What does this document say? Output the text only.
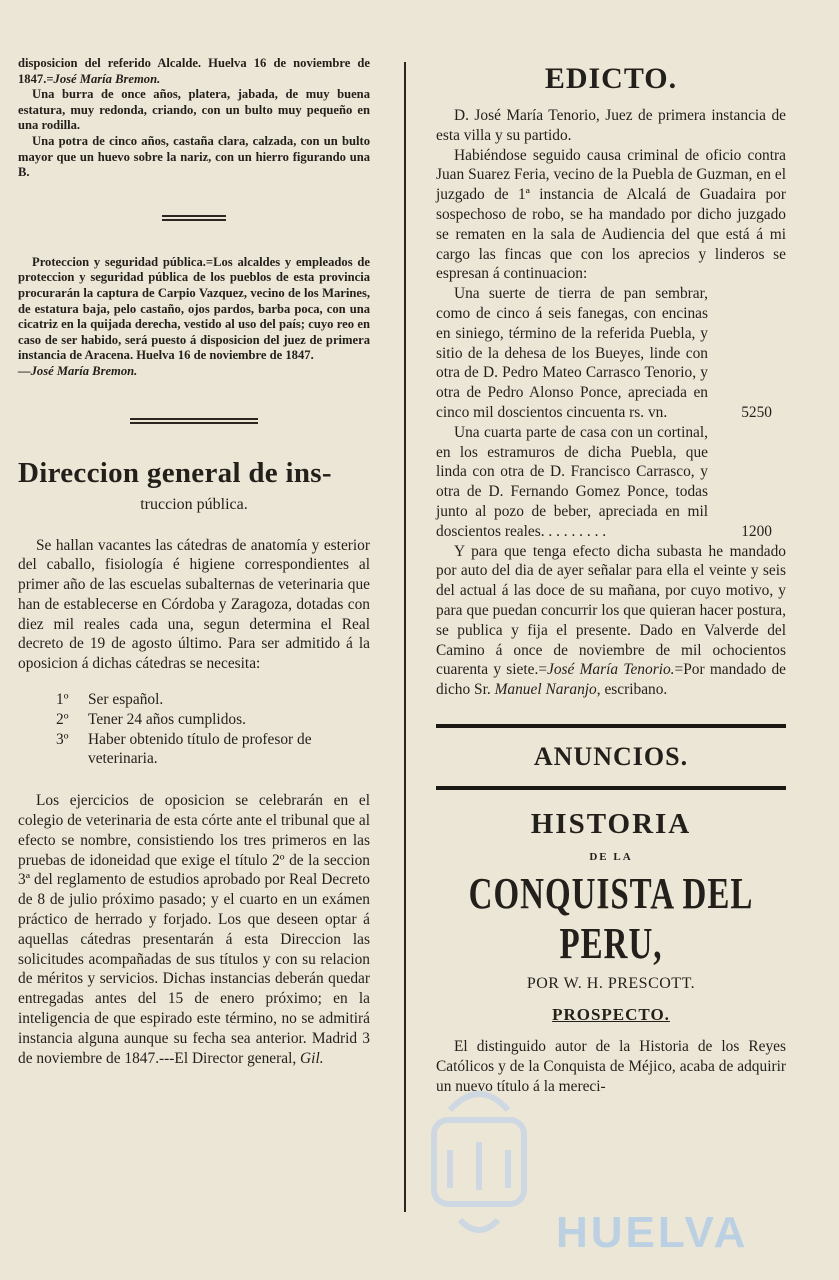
disposicion del referido Alcalde. Huelva 16 de noviembre de 1847.=José María Bremon.

Una burra de once años, platera, jabada, de muy buena estatura, muy redonda, criando, con un bulto muy pequeño en una rodilla.

Una potra de cinco años, castaña clara, calzada, con un bulto mayor que un huevo sobre la nariz, con un hierro figurando una B.

Proteccion y seguridad pública.=Los alcaldes y empleados de proteccion y seguridad pública de los pueblos de esta provincia procurarán la captura de Carpio Vazquez, vecino de los Marines, de estatura baja, pelo castaño, ojos pardos, barba poca, con una cicatriz en la quijada derecha, vestido al uso del país; cuyo reo en caso de ser habido, será puesto á disposicion del juez de primera instancia de Aracena. Huelva 16 de noviembre de 1847.

—José María Bremon.

Direccion general de ins-
truccion pública.

Se hallan vacantes las cátedras de anatomía y esterior del caballo, fisiología é higiene correspondientes al primer año de las escuelas subalternas de veterinaria que han de establecerse en Córdoba y Zaragoza, dotadas con diez mil reales cada una, segun determina el Real decreto de 19 de agosto último. Para ser admitido á la oposicion á dichas cátedras se necesita:

1º	Ser español.
2º	Tener 24 años cumplidos.
3º	Haber obtenido título de profesor de veterinaria.

Los ejercicios de oposicion se celebrarán en el colegio de veterinaria de esta córte ante el tribunal que al efecto se nombre, consistiendo los tres primeros en las pruebas de idoneidad que exige el título 2º de la seccion 3ª del reglamento de estudios aprobado por Real Decreto de 8 de julio próximo pasado; y el cuarto en un exámen práctico de herrado y forjado. Los que deseen optar á aquellas cátedras presentarán á esta Direccion las solicitudes acompañadas de sus títulos y con su relacion de méritos y servicios. Dichas instancias deberán quedar entregadas antes del 15 de enero próximo; en la inteligencia de que espirado este término, no se admitirá instancia alguna aunque su fecha sea anterior. Madrid 3 de noviembre de 1847.---El Director general, Gil.

EDICTO.

D. José María Tenorio, Juez de primera instancia de esta villa y su partido.

Habiéndose seguido causa criminal de oficio contra Juan Suarez Feria, vecino de la Puebla de Guzman, en el juzgado de 1ª instancia de Alcalá de Guadaira por sospechoso de robo, se ha mandado por dicho juzgado se rematen en la sala de Audiencia del que está á mi cargo las fincas que con los aprecios y linderos se espresan á continuacion:

Una suerte de tierra de pan sembrar, como de cinco á seis fanegas, con encinas en siniego, término de la referida Puebla, y sitio de la dehesa de los Bueyes, linde con otra de D. Pedro Mateo Carrasco Tenorio, y otra de Pedro Alonso Ponce, apreciada en cinco mil doscientos cincuenta rs. vn.	5250

Una cuarta parte de casa con un cortinal, en los estramuros de dicha Puebla, que linda con otra de D. Francisco Carrasco, y otra de D. Fernando Gomez Ponce, todas junto al pozo de beber, apreciada en mil doscientos reales. . . . . . . . .	1200

Y para que tenga efecto dicha subasta he mandado por auto del dia de ayer señalar para ella el veinte y seis del actual á las doce de su mañana, por cuyo motivo, y para que puedan concurrir los que quieran hacer postura, se publica y fija el presente. Dado en Valverde del Camino á once de noviembre de mil ochocientos cuarenta y siete.=José María Tenorio.=Por mandado de dicho Sr. Manuel Naranjo, escribano.

ANUNCIOS.
HISTORIA
DE LA
CONQUISTA DEL PERU,
POR W. H. PRESCOTT.
PROSPECTO.

El distinguido autor de la Historia de los Reyes Católicos y de la Conquista de Méjico, acaba de adquirir un nuevo título á la mereci-

HUELVA
